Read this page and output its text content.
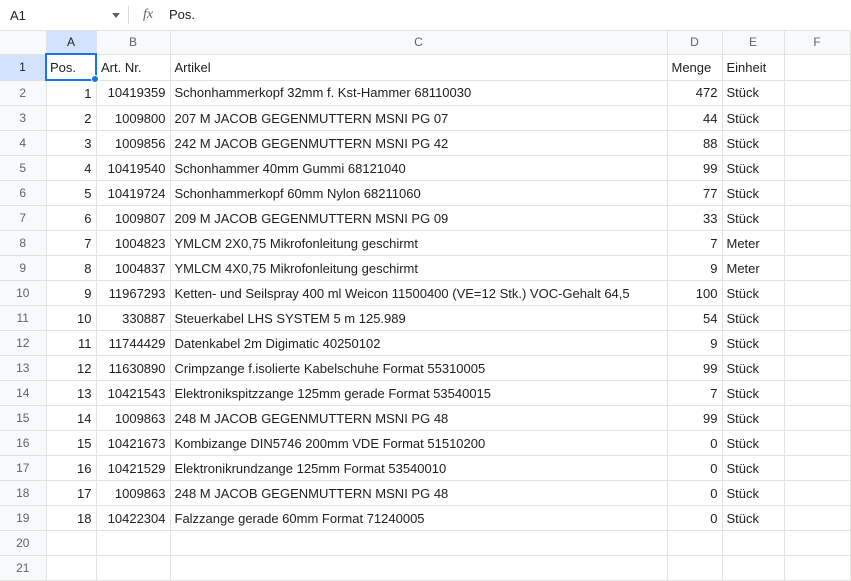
A1	fx	Pos.
	A	B	C	D	E	F
1	Pos.	Art. Nr.	Artikel	Menge	Einheit	
2	1	10419359	Schonhammerkopf 32mm f. Kst-Hammer 68110030	472	Stück	
3	2	1009800	207 M JACOB GEGENMUTTERN MSNI PG 07	44	Stück	
4	3	1009856	242 M JACOB GEGENMUTTERN MSNI PG 42	88	Stück	
5	4	10419540	Schonhammer 40mm Gummi 68121040	99	Stück	
6	5	10419724	Schonhammerkopf 60mm Nylon 68211060	77	Stück	
7	6	1009807	209 M JACOB GEGENMUTTERN MSNI PG 09	33	Stück	
8	7	1004823	YMLCM 2X0,75 Mikrofonleitung geschirmt	7	Meter	
9	8	1004837	YMLCM 4X0,75 Mikrofonleitung geschirmt	9	Meter	
10	9	11967293	Ketten- und Seilspray 400 ml Weicon 11500400 (VE=12 Stk.) VOC-Gehalt 64,5	100	Stück	
11	10	330887	Steuerkabel LHS SYSTEM 5 m 125.989	54	Stück	
12	11	11744429	Datenkabel 2m Digimatic 40250102	9	Stück	
13	12	11630890	Crimpzange f.isolierte Kabelschuhe Format 55310005	99	Stück	
14	13	10421543	Elektronikspitzzange 125mm gerade Format 53540015	7	Stück	
15	14	1009863	248 M JACOB GEGENMUTTERN MSNI PG 48	99	Stück	
16	15	10421673	Kombizange DIN5746 200mm VDE Format 51510200	0	Stück	
17	16	10421529	Elektronikrundzange 125mm Format 53540010	0	Stück	
18	17	1009863	248 M JACOB GEGENMUTTERN MSNI PG 48	0	Stück	
19	18	10422304	Falzzange gerade 60mm Format 71240005	0	Stück	
20						
21						
